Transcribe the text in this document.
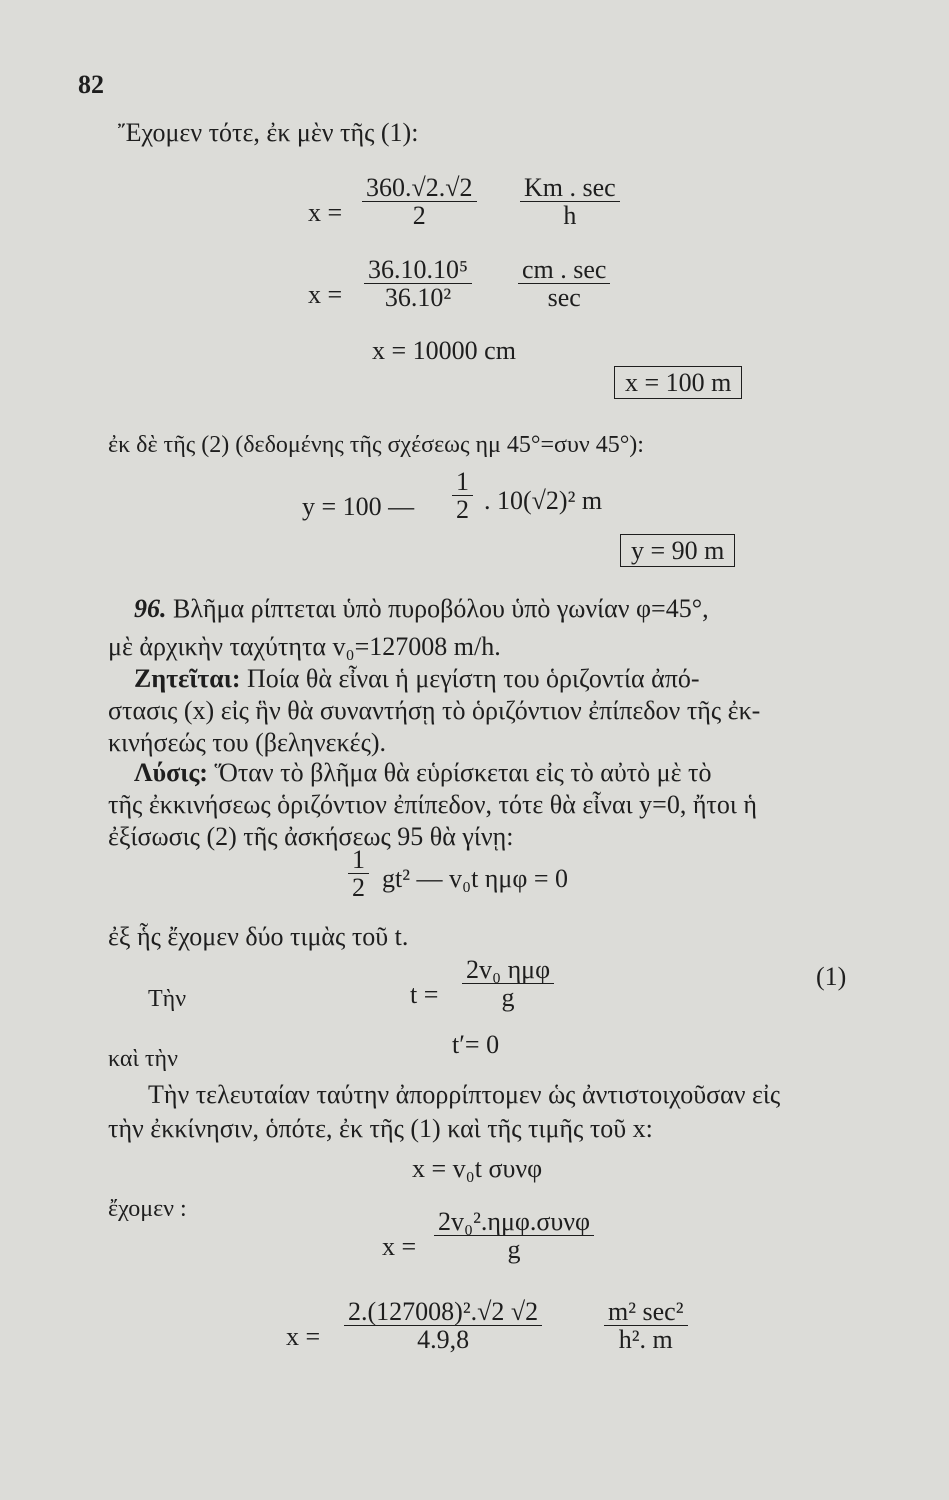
82
Ἔχομεν τότε, ἐκ μὲν τῆς (1):
$x = \frac{360.√2.√2}{2}$ Km . sec
h
$x = \frac{\text{36.10.10⁵}}{\text{36.10²}}$ cm . sec
sec
x = 10000 cm
x = 100 m
ἐκ δὲ τῆς (2) (δεδομένης τῆς σχέσεως ημ 45°=συν 45°):
y = 100 — $\frac{1}{2}$ . 10(√2)² m
y = 90 m
96. Βλῆμα ρίπτεται ὑπὸ πυροβόλου ὑπὸ γωνίαν φ=45°,
μὲ ἀρχικὴν ταχύτητα v₀=127008 m/h.
Ζητεῖται: Ποία θὰ εἶναι ἡ μεγίστη του ὁριζοντία ἀπό-
στασις (x) εἰς ἣν θὰ συναντήσῃ τὸ ὁριζόντιον ἐπίπεδον τῆς ἐκ-
κινήσεώς του (βεληνεκές).
Λύσις: Ὅταν τὸ βλῆμα θὰ εὑρίσκεται εἰς τὸ αὐτὸ μὲ τὸ
τῆς ἐκκινήσεως ὁριζόντιον ἐπίπεδον, τότε θὰ εἶναι y=0, ἤτοι ἡ
ἐξίσωσις (2) τῆς ἀσκήσεως 95 θὰ γίνῃ:
$\frac{1}{2} gt^2$ — v₀t ημφ = 0
ἐξ ἧς ἔχομεν δύο τιμὰς τοῦ t.
Τὴν	t =
2v₀ ημφ
g
(1)
καὶ τὴν	t′= 0
Τὴν τελευταίαν ταύτην ἀπορρίπτομεν ὡς ἀντιστοιχοῦσαν εἰς
τὴν ἐκκίνησιν, ὁπότε, ἐκ τῆς (1) καὶ τῆς τιμῆς τοῦ x:
x = v₀t συνφ
ἔχομεν :
x =
2v₀².ημφ.συνφ
g
$x = \frac{\text{2.(127008)².√2 √2}}{4.9,8}$	m² sec²
h². m
